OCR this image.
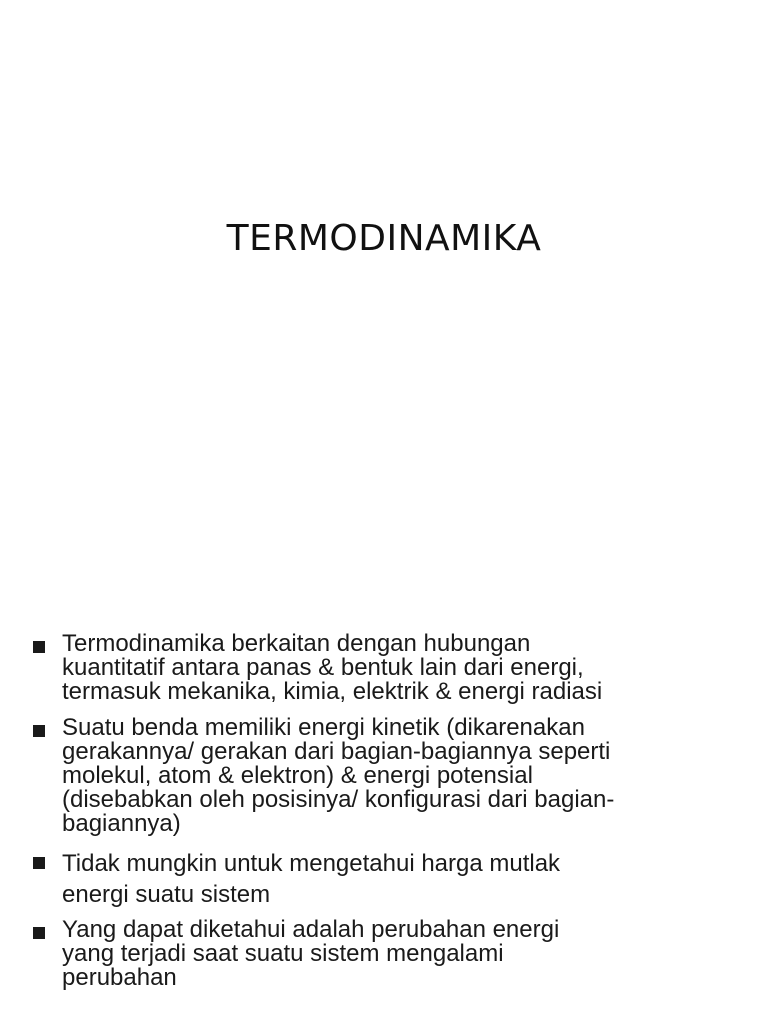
TERMODINAMIKA
Termodinamika berkaitan dengan hubungan
kuantitatif antara panas & bentuk lain dari energi,
termasuk mekanika, kimia, elektrik & energi radiasi
Suatu benda memiliki energi kinetik (dikarenakan
gerakannya/ gerakan dari bagian-bagiannya seperti
molekul, atom & elektron) & energi potensial
(disebabkan oleh posisinya/ konfigurasi dari bagian-
bagiannya)
Tidak mungkin untuk mengetahui harga mutlak
energi suatu sistem
Yang dapat diketahui adalah perubahan energi
yang terjadi saat suatu sistem mengalami
perubahan
